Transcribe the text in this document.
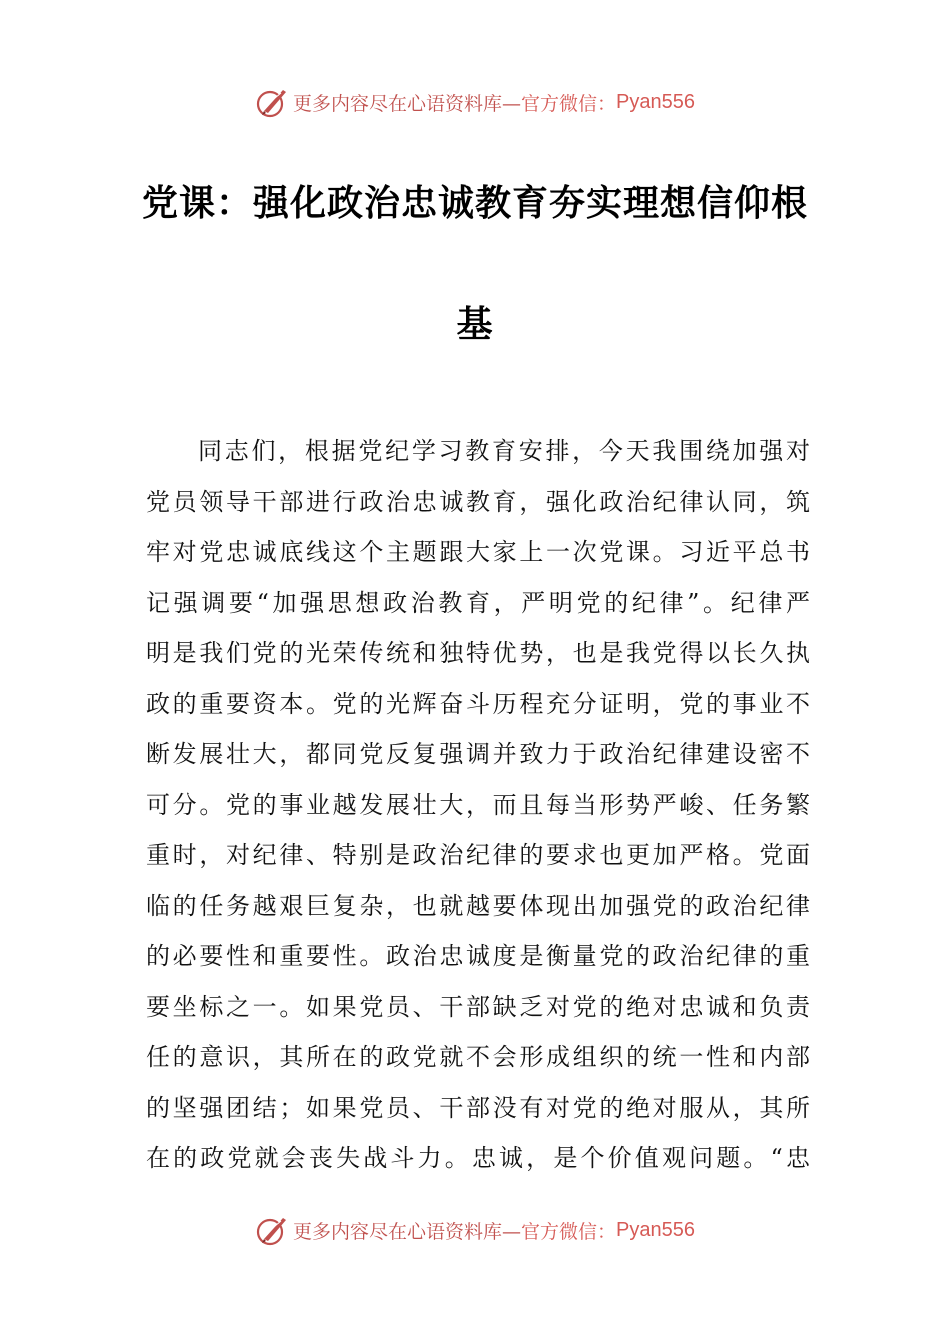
更多内容尽在心语资料库— 官方微信： Pyan556
党课：强化政治忠诚教育夯实理想信仰根
基
同志们，根据党纪学习教育安排，今天我围绕加强对
党员领导干部进行政治忠诚教育，强化政治纪律认同，筑
牢对党忠诚底线这个主题跟大家上一次党课。习近平总书
记强调要“加强思想政治教育，严明党的纪律”。纪律严
明是我们党的光荣传统和独特优势，也是我党得以长久执
政的重要资本。党的光辉奋斗历程充分证明，党的事业不
断发展壮大，都同党反复强调并致力于政治纪律建设密不
可分。党的事业越发展壮大，而且每当形势严峻、任务繁
重时，对纪律、特别是政治纪律的要求也更加严格。党面
临的任务越艰巨复杂，也就越要体现出加强党的政治纪律
的必要性和重要性。政治忠诚度是衡量党的政治纪律的重
要坐标之一。如果党员、干部缺乏对党的绝对忠诚和负责
任的意识，其所在的政党就不会形成组织的统一性和内部
的坚强团结；如果党员、干部没有对党的绝对服从，其所
在的政党就会丧失战斗力。忠诚，是个价值观问题。“忠
更多内容尽在心语资料库— 官方微信： Pyan556
